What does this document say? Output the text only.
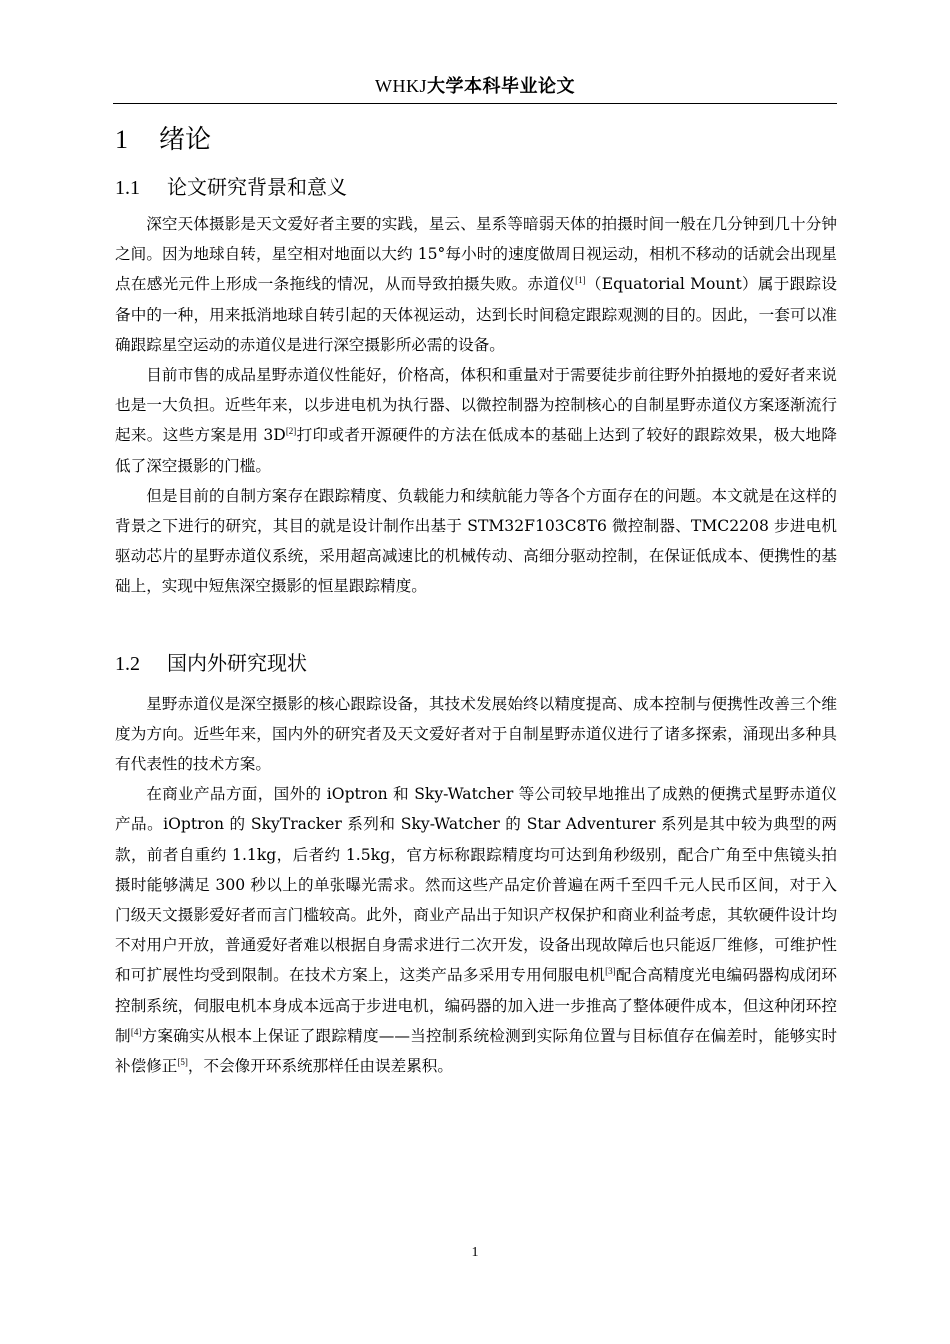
WHKJ大学本科毕业论文
1 绪论
1.1 论文研究背景和意义

深空天体摄影是天文爱好者主要的实践，星云、星系等暗弱天体的拍摄时间一般在几分钟到几十分钟之间。因为地球自转，星空相对地面以大约 15°每小时的速度做周日视运动，相机不移动的话就会出现星点在感光元件上形成一条拖线的情况，从而导致拍摄失败。赤道仪[1]（Equatorial Mount）属于跟踪设备中的一种，用来抵消地球自转引起的天体视运动，达到长时间稳定跟踪观测的目的。因此，一套可以准确跟踪星空运动的赤道仪是进行深空摄影所必需的设备。

目前市售的成品星野赤道仪性能好，价格高，体积和重量对于需要徒步前往野外拍摄地的爱好者来说也是一大负担。近些年来，以步进电机为执行器、以微控制器为控制核心的自制星野赤道仪方案逐渐流行起来。这些方案是用 3D[2]打印或者开源硬件的方法在低成本的基础上达到了较好的跟踪效果，极大地降低了深空摄影的门槛。

但是目前的自制方案存在跟踪精度、负载能力和续航能力等各个方面存在的问题。本文就是在这样的背景之下进行的研究，其目的就是设计制作出基于 STM32F103C8T6 微控制器、TMC2208 步进电机驱动芯片的星野赤道仪系统，采用超高减速比的机械传动、高细分驱动控制，在保证低成本、便携性的基础上，实现中短焦深空摄影的恒星跟踪精度。

1.2 国内外研究现状

星野赤道仪是深空摄影的核心跟踪设备，其技术发展始终以精度提高、成本控制与便携性改善三个维度为方向。近些年来，国内外的研究者及天文爱好者对于自制星野赤道仪进行了诸多探索，涌现出多种具有代表性的技术方案。

在商业产品方面，国外的 iOptron 和 Sky-Watcher 等公司较早地推出了成熟的便携式星野赤道仪产品。iOptron 的 SkyTracker 系列和 Sky-Watcher 的 Star Adventurer 系列是其中较为典型的两款，前者自重约 1.1kg，后者约 1.5kg，官方标称跟踪精度均可达到角秒级别，配合广角至中焦镜头拍摄时能够满足 300 秒以上的单张曝光需求。然而这些产品定价普遍在两千至四千元人民币区间，对于入门级天文摄影爱好者而言门槛较高。此外，商业产品出于知识产权保护和商业利益考虑，其软硬件设计均不对用户开放，普通爱好者难以根据自身需求进行二次开发，设备出现故障后也只能返厂维修，可维护性和可扩展性均受到限制。在技术方案上，这类产品多采用专用伺服电机[3]配合高精度光电编码器构成闭环控制系统，伺服电机本身成本远高于步进电机，编码器的加入进一步推高了整体硬件成本，但这种闭环控制[4]方案确实从根本上保证了跟踪精度——当控制系统检测到实际角位置与目标值存在偏差时，能够实时补偿修正[5]，不会像开环系统那样任由误差累积。

1
